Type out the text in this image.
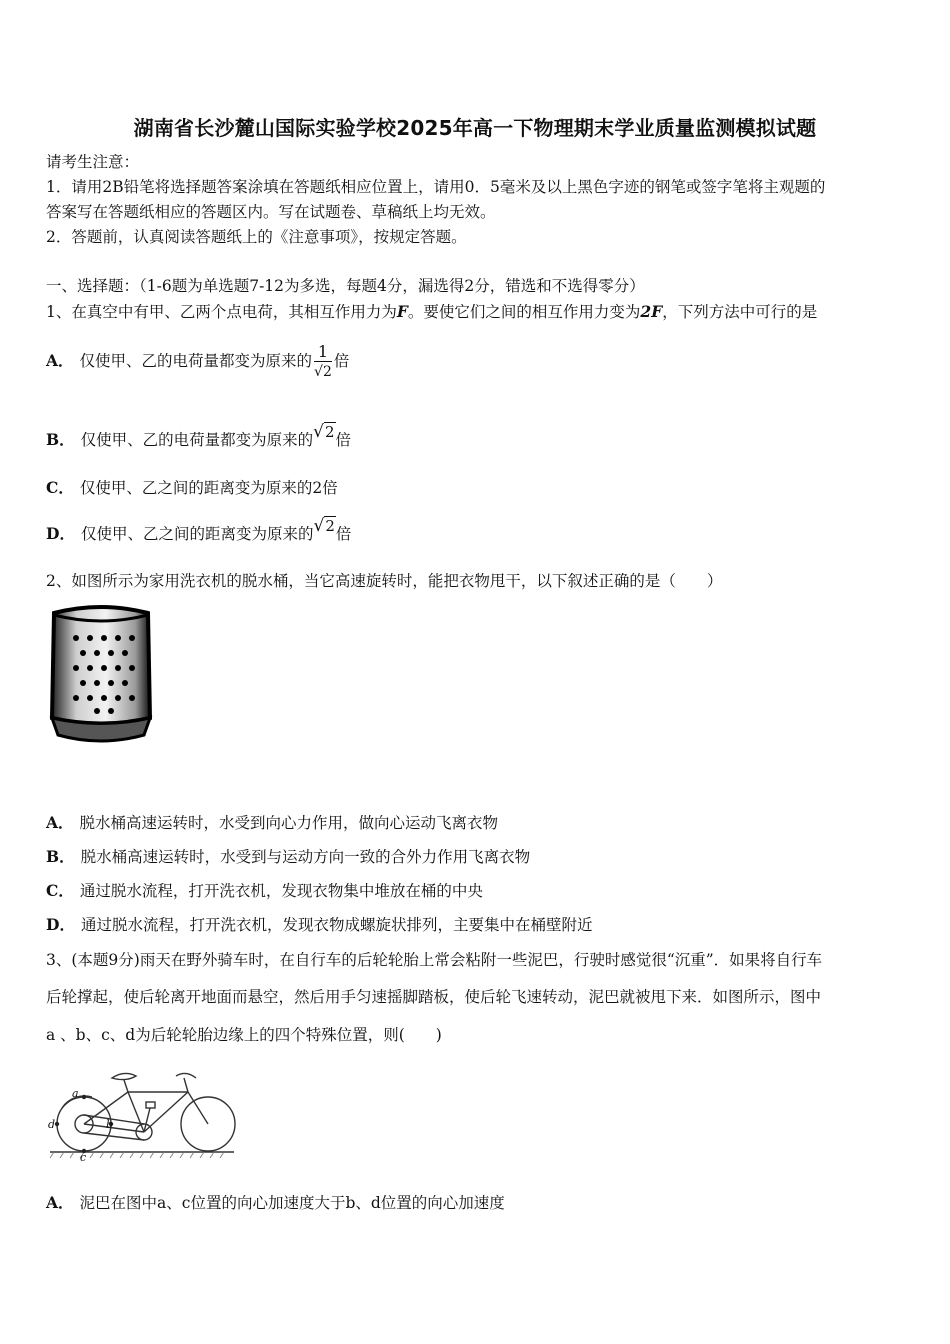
湖南省长沙麓山国际实验学校2025年高一下物理期末学业质量监测模拟试题
请考生注意：
1．请用2B铅笔将选择题答案涂填在答题纸相应位置上，请用0．5毫米及以上黑色字迹的钢笔或签字笔将主观题的
答案写在答题纸相应的答题区内。写在试题卷、草稿纸上均无效。
2．答题前，认真阅读答题纸上的《注意事项》，按规定答题。
一、选择题：（1-6题为单选题7-12为多选，每题4分，漏选得2分，错选和不选得零分）
1、在真空中有甲、乙两个点电荷，其相互作用力为F。要使它们之间的相互作用力变为2F，下列方法中可行的是
A． 仅使甲、乙的电荷量都变为原来的 $\frac{1}{√2}$ 倍
B． 仅使甲、乙的电荷量都变为原来的√2倍
C． 仅使甲、乙之间的距离变为原来的2倍
D． 仅使甲、乙之间的距离变为原来的√2倍
2、如图所示为家用洗衣机的脱水桶，当它高速旋转时，能把衣物甩干，以下叙述正确的是（　　）
A． 脱水桶高速运转时，水受到向心力作用，做向心运动飞离衣物
B． 脱水桶高速运转时，水受到与运动方向一致的合外力作用飞离衣物
C． 通过脱水流程，打开洗衣机，发现衣物集中堆放在桶的中央
D． 通过脱水流程，打开洗衣机，发现衣物成螺旋状排列，主要集中在桶壁附近
3、(本题9分)雨天在野外骑车时，在自行车的后轮轮胎上常会粘附一些泥巴，行驶时感觉很“沉重”．如果将自行车
后轮撑起，使后轮离开地面而悬空，然后用手匀速摇脚踏板，使后轮飞速转动，泥巴就被甩下来．如图所示，图中
a 、b、c、d为后轮轮胎边缘上的四个特殊位置，则(　　)
a
b
c
d
A． 泥巴在图中a、c位置的向心加速度大于b、d位置的向心加速度
